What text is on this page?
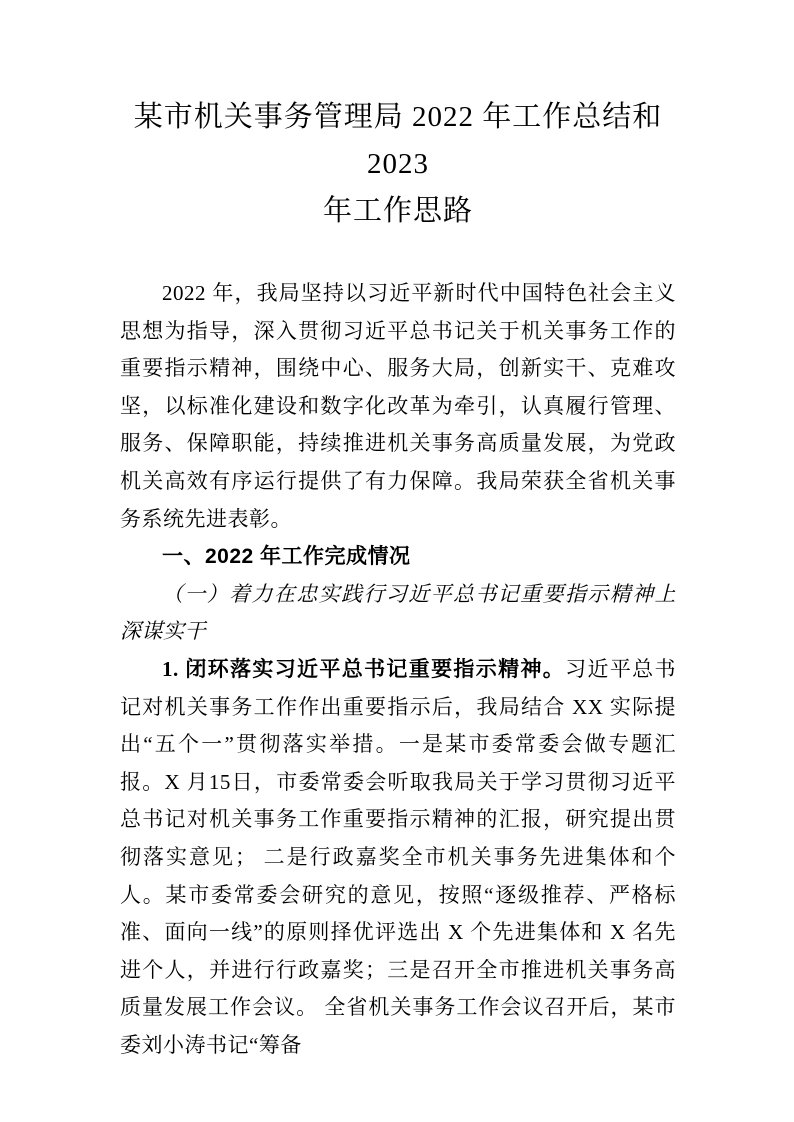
某市机关事务管理局 2022 年工作总结和
2023
年工作思路

2022 年，我局坚持以习近平新时代中国特色社会主义思想为指导，深入贯彻习近平总书记关于机关事务工作的重要指示精神，围绕中心、服务大局，创新实干、克难攻坚，以标准化建设和数字化改革为牵引，认真履行管理、服务、保障职能，持续推进机关事务高质量发展，为党政机关高效有序运行提供了有力保障。我局荣获全省机关事务系统先进表彰。

一、2022 年工作完成情况

（一）着力在忠实践行习近平总书记重要指示精神上深谋实干

1. 闭环落实习近平总书记重要指示精神。习近平总书记对机关事务工作作出重要指示后，我局结合 XX 实际提出“五个一”贯彻落实举措。一是某市委常委会做专题汇报。X 月15日，市委常委会听取我局关于学习贯彻习近平总书记对机关事务工作重要指示精神的汇报，研究提出贯彻落实意见； 二是行政嘉奖全市机关事务先进集体和个人。某市委常委会研究的意见，按照“逐级推荐、严格标准、面向一线”的原则择优评选出 X 个先进集体和 X 名先进个人，并进行行政嘉奖；三是召开全市推进机关事务高质量发展工作会议。 全省机关事务工作会议召开后，某市委刘小涛书记“筹备
